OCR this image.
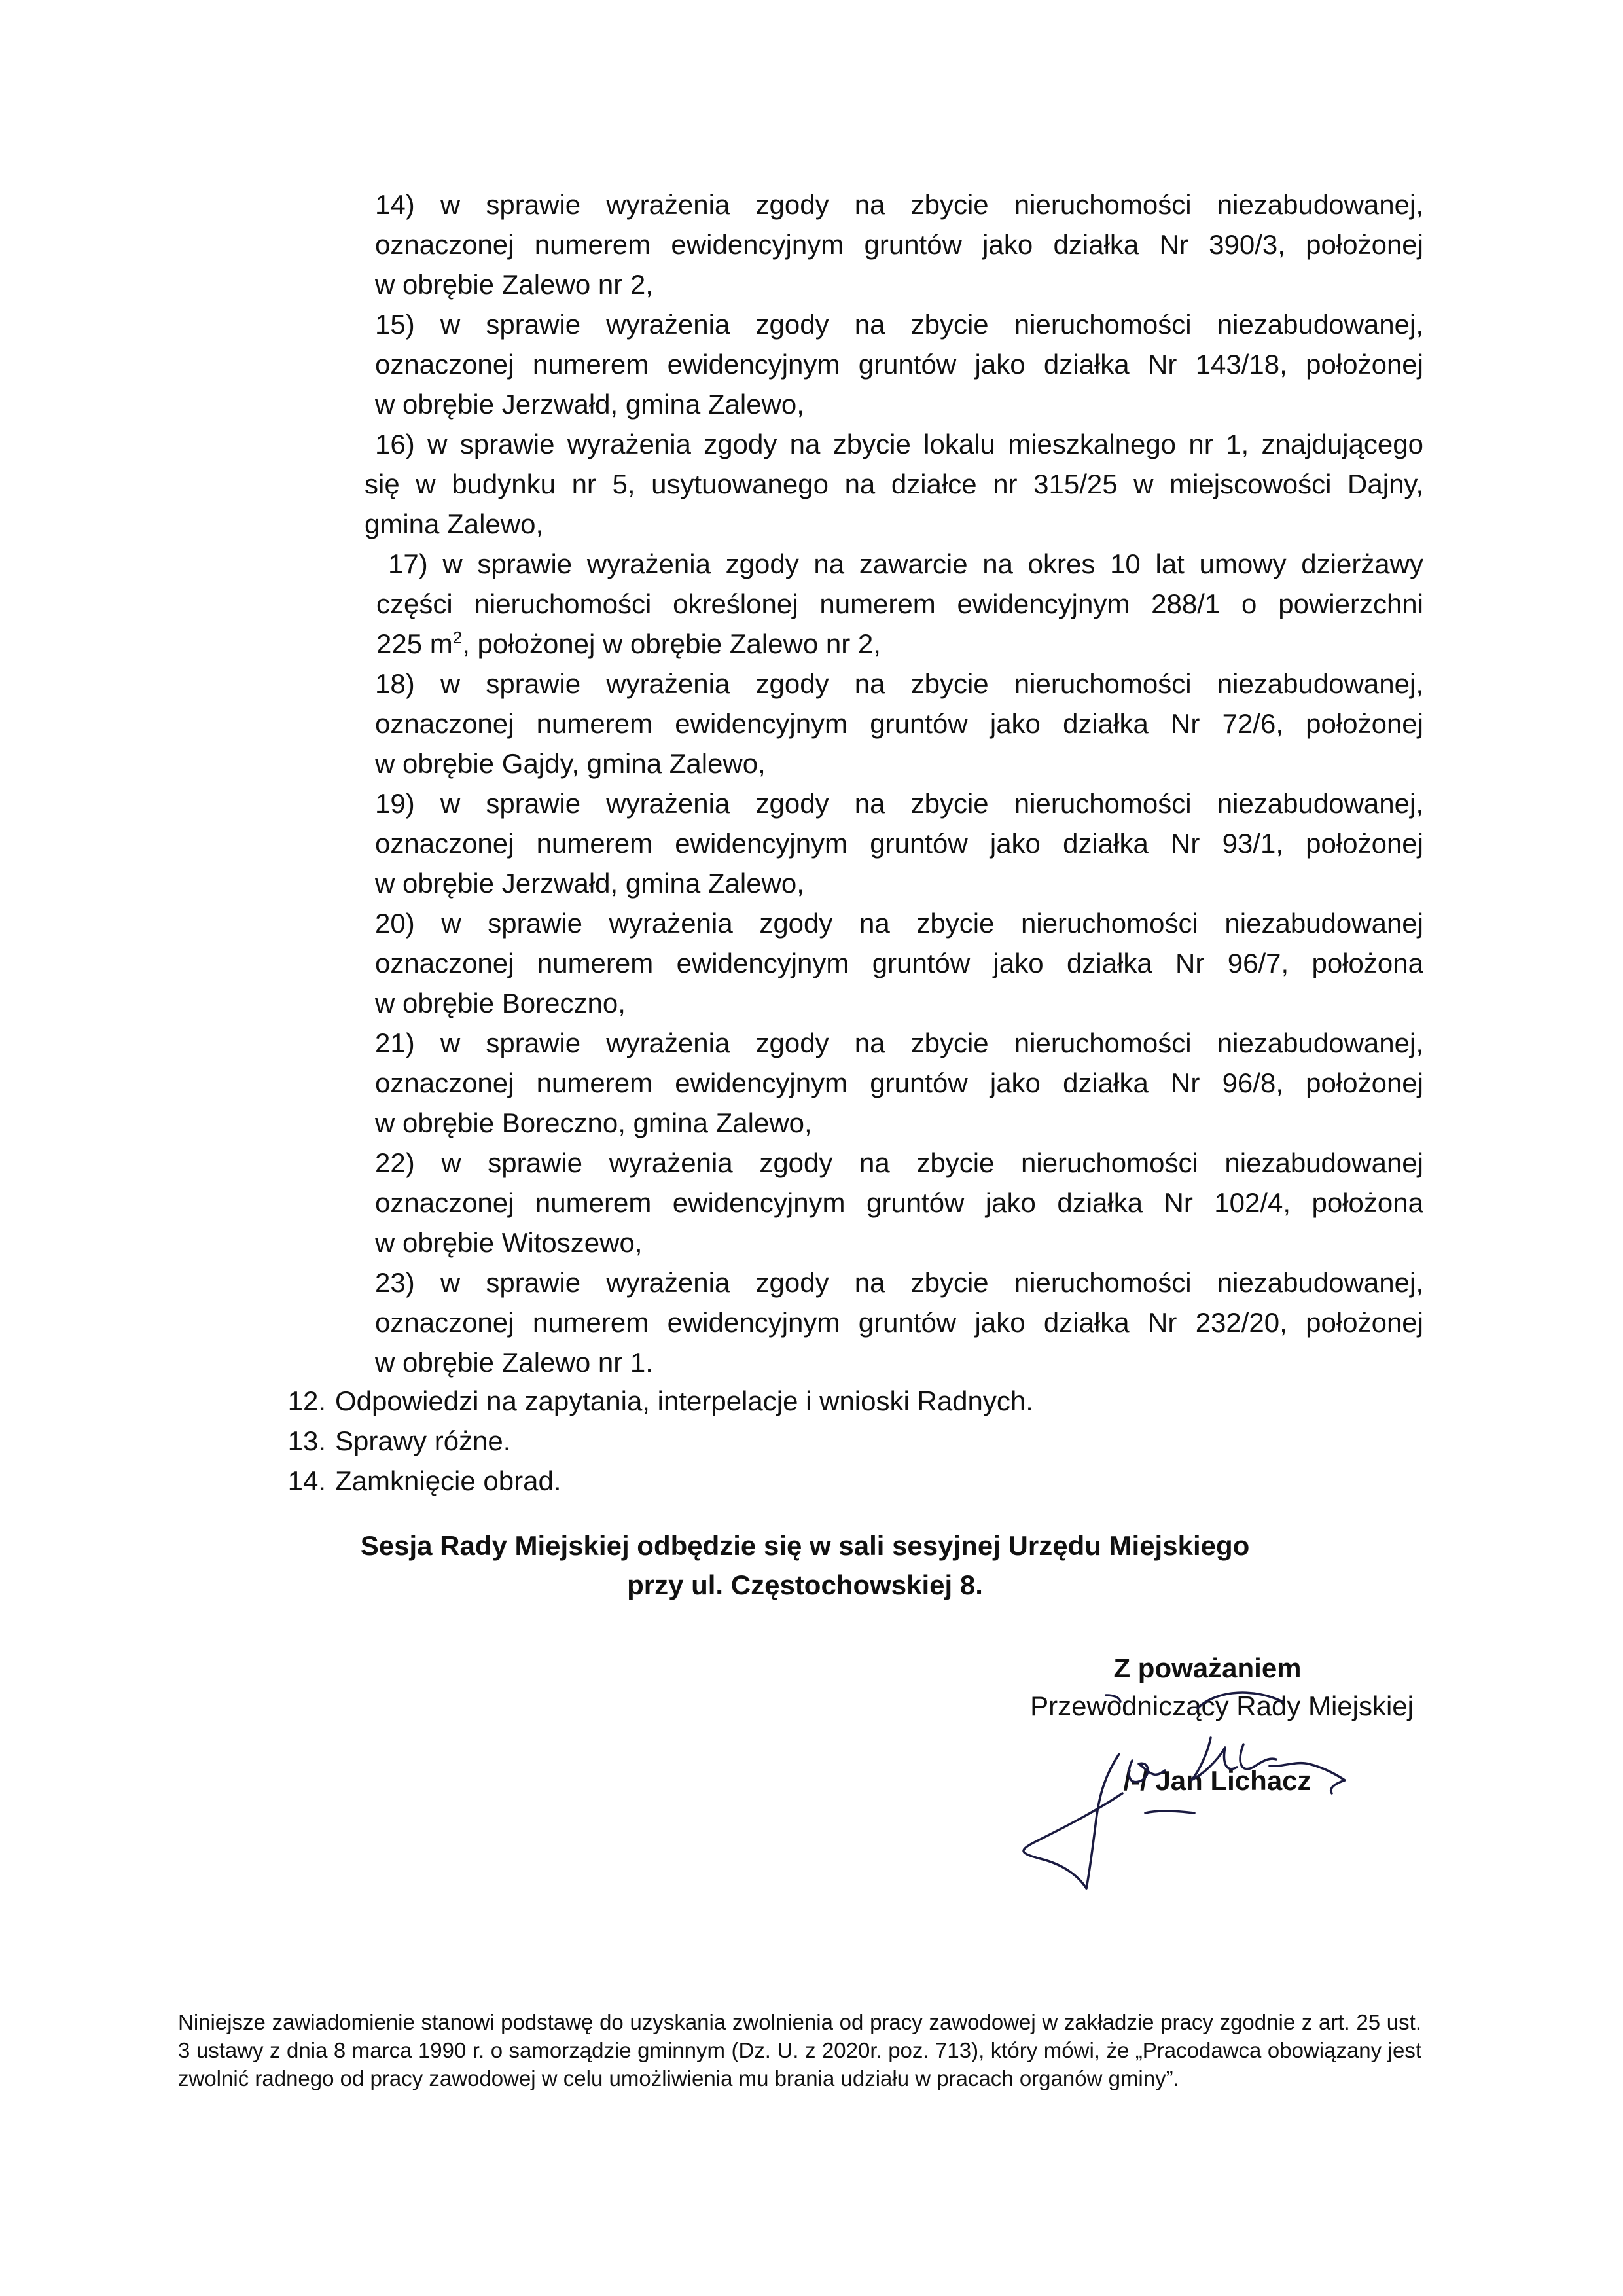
14) w sprawie wyrażenia zgody na zbycie nieruchomości niezabudowanej,
oznaczonej numerem ewidencyjnym gruntów jako działka Nr 390/3, położonej
w obrębie Zalewo nr 2,
15) w sprawie wyrażenia zgody na zbycie nieruchomości niezabudowanej,
oznaczonej numerem ewidencyjnym gruntów jako działka Nr 143/18, położonej
w obrębie Jerzwałd, gmina Zalewo,
16) w sprawie wyrażenia zgody na zbycie lokalu mieszkalnego nr 1, znajdującego
się w budynku nr 5, usytuowanego na działce nr 315/25 w miejscowości Dajny,
gmina Zalewo,
17) w sprawie wyrażenia zgody na zawarcie na okres 10 lat umowy dzierżawy
części nieruchomości określonej numerem ewidencyjnym 288/1 o powierzchni
225 $m^2$, położonej w obrębie Zalewo nr 2,
18) w sprawie wyrażenia zgody na zbycie nieruchomości niezabudowanej,
oznaczonej numerem ewidencyjnym gruntów jako działka Nr 72/6, położonej
w obrębie Gajdy, gmina Zalewo,
19) w sprawie wyrażenia zgody na zbycie nieruchomości niezabudowanej,
oznaczonej numerem ewidencyjnym gruntów jako działka Nr 93/1, położonej
w obrębie Jerzwałd, gmina Zalewo,
20) w sprawie wyrażenia zgody na zbycie nieruchomości niezabudowanej
oznaczonej numerem ewidencyjnym gruntów jako działka Nr 96/7, położona
w obrębie Boreczno,
21) w sprawie wyrażenia zgody na zbycie nieruchomości niezabudowanej,
oznaczonej numerem ewidencyjnym gruntów jako działka Nr 96/8, położonej
w obrębie Boreczno, gmina Zalewo,
22) w sprawie wyrażenia zgody na zbycie nieruchomości niezabudowanej
oznaczonej numerem ewidencyjnym gruntów jako działka Nr 102/4, położona
w obrębie Witoszewo,
23) w sprawie wyrażenia zgody na zbycie nieruchomości niezabudowanej,
oznaczonej numerem ewidencyjnym gruntów jako działka Nr 232/20, położonej
w obrębie Zalewo nr 1.
12. Odpowiedzi na zapytania, interpelacje i wnioski Radnych.
13. Sprawy różne.
14. Zamknięcie obrad.
Sesja Rady Miejskiej odbędzie się w sali sesyjnej Urzędu Miejskiego
przy ul. Częstochowskiej 8.
Z poważaniem
Przewodniczący Rady Miejskiej
/-/ Jan Lichacz
Niniejsze zawiadomienie stanowi podstawę do uzyskania zwolnienia od pracy zawodowej w zakładzie pracy zgodnie z art. 25 ust. 3 ustawy z dnia 8 marca 1990 r. o samorządzie gminnym (Dz. U. z 2020r. poz. 713), który mówi, że „Pracodawca obowiązany jest zwolnić radnego od pracy zawodowej w celu umożliwienia mu brania udziału w pracach organów gminy”.
